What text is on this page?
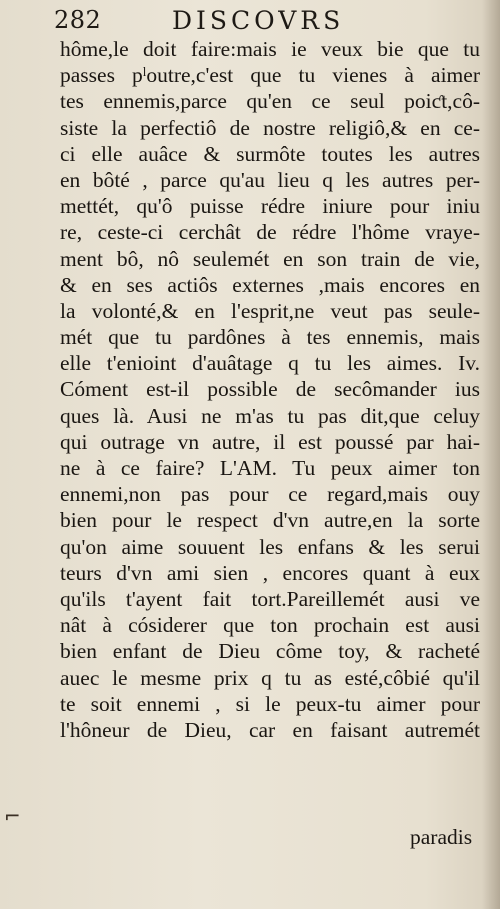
282	DISCOVRS
hôme,le doit faire:mais ie veux bie que tu
passes pˡoutre,c'est que tu vienes à aimer
tes ennemis,parce qu'en ce seul poiƈt,cô-
siste la perfectiô de nostre religiô,& en ce-
ci elle auâce & surmôte toutes les autres
en bôté , parce qu'au lieu q les autres per-
mettét, qu'ô puisse rédre iniure pour iniu
re, ceste-ci cerchât de rédre l'hôme vraye-
ment bô, nô seulemét en son train de vie,
& en ses actiôs externes ,mais encores en
la volonté,& en l'esprit,ne veut pas seule-
mét que tu pardônes à tes ennemis, mais
elle t'enioint d'auâtage q tu les aimes. Iv.
Cóment est-il possible de secômander ius
ques là. Ausi ne m'as tu pas dit,que celuy
qui outrage vn autre, il est poussé par hai-
ne à ce faire? L'AM. Tu peux aimer ton
ennemi,non pas pour ce regard,mais ouy
bien pour le respect d'vn autre,en la sorte
qu'on aime souuent les enfans & les serui
teurs d'vn ami sien , encores quant à eux
qu'ils t'ayent fait tort.Pareillemét ausi ve
nât à cósiderer que ton prochain est ausi
bien enfant de Dieu côme toy, & racheté
auec le mesme prix q tu as esté,côbié qu'il
te soit ennemi , si le peux-tu aimer pour
l'hôneur de Dieu, car en faisant autremét
paradis
⌐
